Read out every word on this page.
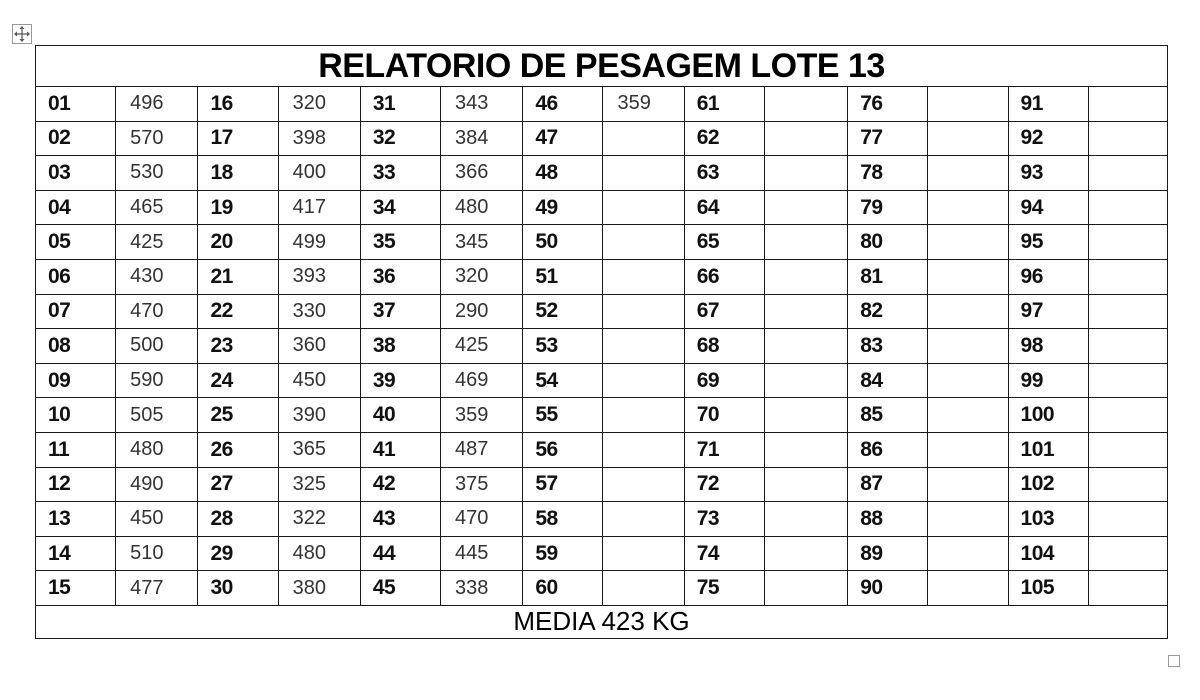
RELATORIO DE PESAGEM LOTE 13													
01	496	16	320	31	343	46	359	61		76		91	
02	570	17	398	32	384	47		62		77		92	
03	530	18	400	33	366	48		63		78		93	
04	465	19	417	34	480	49		64		79		94	
05	425	20	499	35	345	50		65		80		95	
06	430	21	393	36	320	51		66		81		96	
07	470	22	330	37	290	52		67		82		97	
08	500	23	360	38	425	53		68		83		98	
09	590	24	450	39	469	54		69		84		99	
10	505	25	390	40	359	55		70		85		100	
11	480	26	365	41	487	56		71		86		101	
12	490	27	325	42	375	57		72		87		102	
13	450	28	322	43	470	58		73		88		103	
14	510	29	480	44	445	59		74		89		104	
15	477	30	380	45	338	60		75		90		105	
MEDIA 423 KG													
